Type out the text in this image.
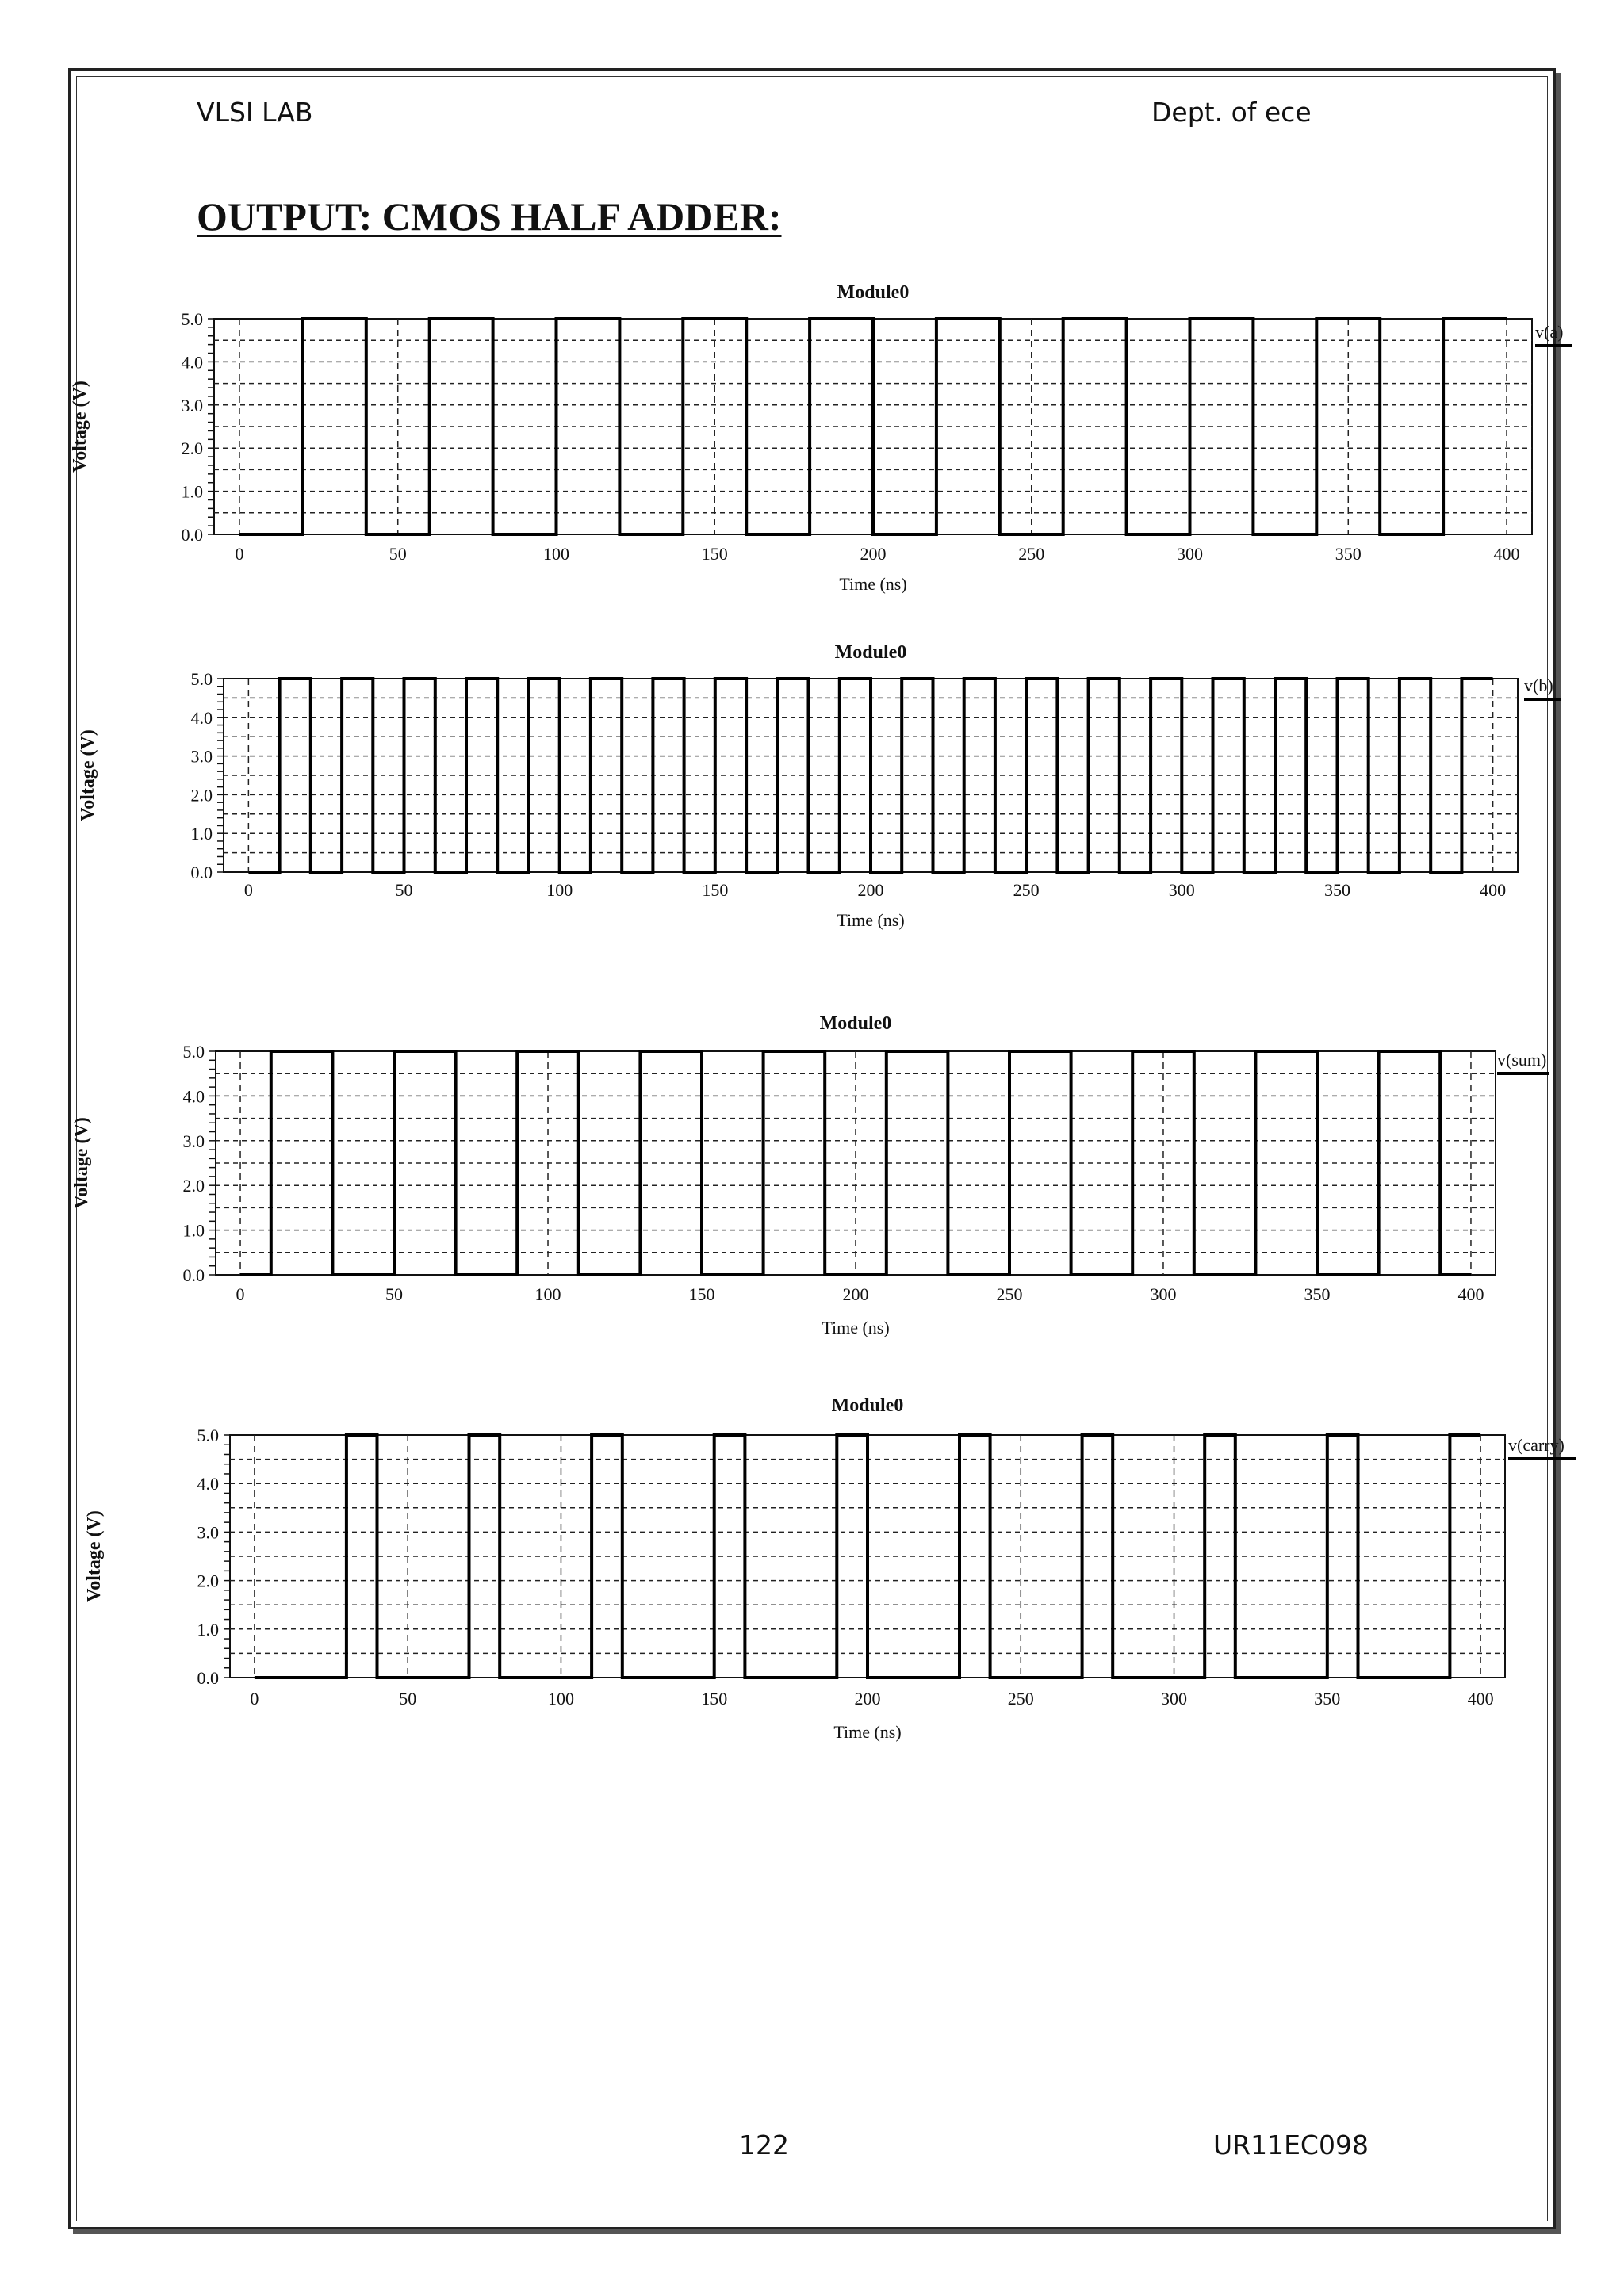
VLSI LAB	Dept. of ece
OUTPUT: CMOS HALF ADDER:
0.0
1.0
2.0
3.0
4.0
5.0
0	50	100	150	200	250	300	350	400
Module0
Time (ns)
Voltage (V)
v(a)
0.0
1.0
2.0
3.0
4.0
5.0
0	50	100	150	200	250	300	350	400
Module0
Time (ns)
Voltage (V)
v(b)
0.0
1.0
2.0
3.0
4.0
5.0
0	50	100	150	200	250	300	350	400
Module0
Time (ns)
Voltage (V)
v(sum)
0.0
1.0
2.0
3.0
4.0
5.0
0	50	100	150	200	250	300	350	400
Module0
Time (ns)
Voltage (V)
v(carry)
122	UR11EC098
